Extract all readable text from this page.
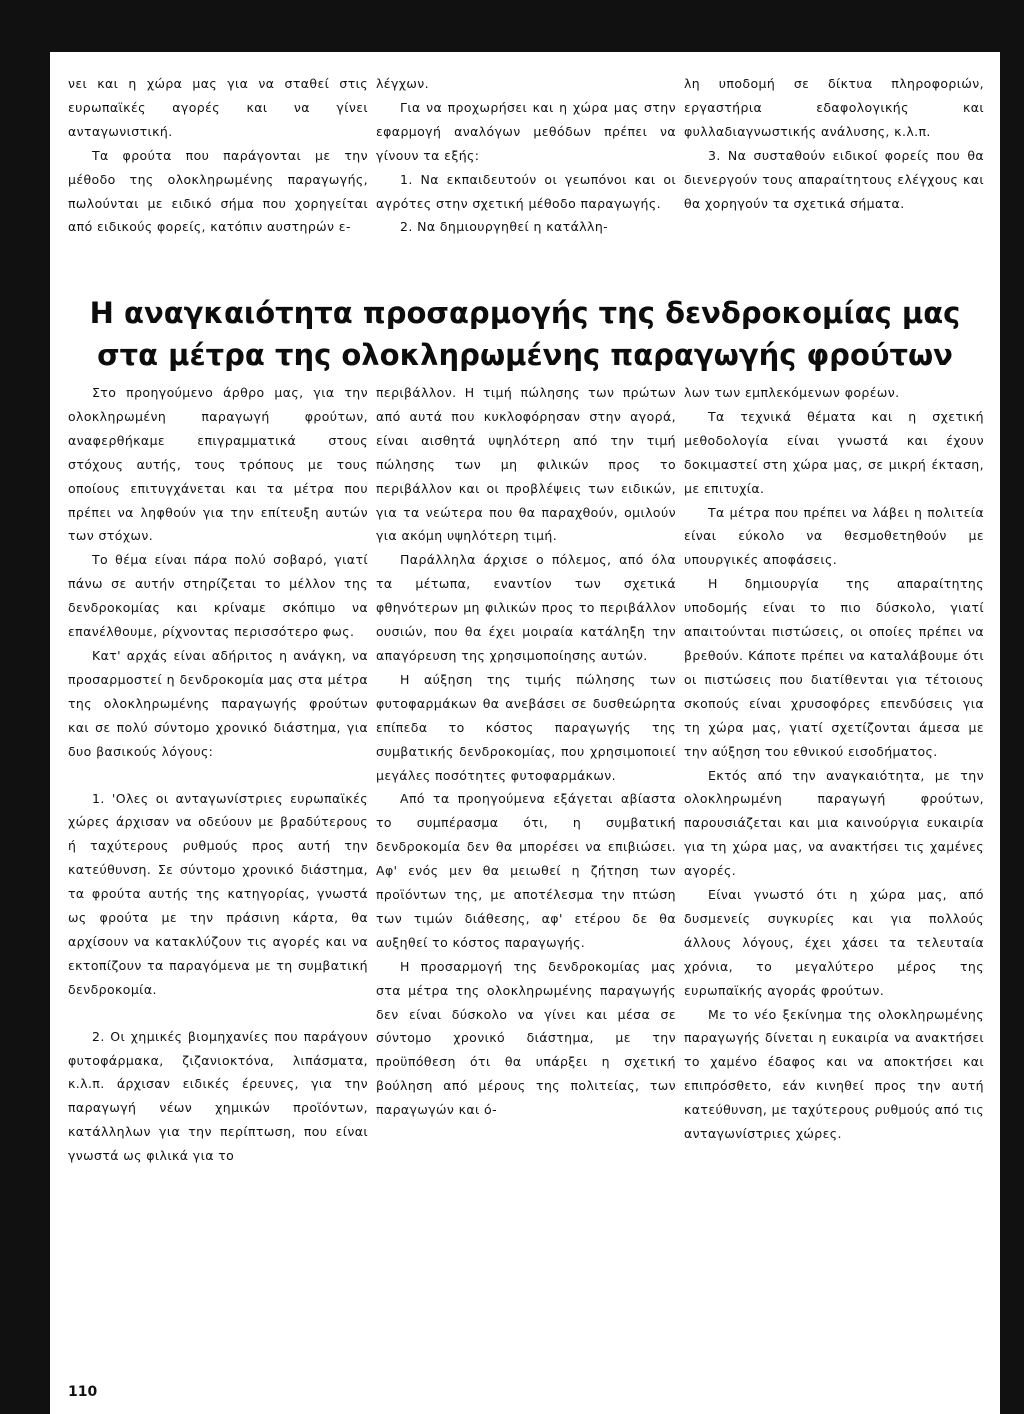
νει και η χώρα μας για να σταθεί στις ευρωπαϊκές αγορές και να γίνει ανταγωνιστική.

Τα φρούτα που παράγονται με την μέθοδο της ολοκληρωμένης παραγωγής, πωλούνται με ειδικό σήμα που χορηγείται από ειδικούς φορείς, κατόπιν αυστηρών ε-

λέγχων.

Για να προχωρήσει και η χώρα μας στην εφαρμογή αναλόγων μεθόδων πρέπει να γίνουν τα εξής:

1. Να εκπαιδευτούν οι γεωπόνοι και οι αγρότες στην σχετική μέθοδο παραγωγής.

2. Να δημιουργηθεί η κατάλλη-

λη υποδομή σε δίκτυα πληροφοριών, εργαστήρια εδαφολογικής και φυλλαδιαγνωστικής ανάλυσης, κ.λ.π.

3. Να συσταθούν ειδικοί φορείς που θα διενεργούν τους απαραίτητους ελέγχους και θα χορηγούν τα σχετικά σήματα.

Η αναγκαιότητα προσαρμογής της δενδροκομίας μας
στα μέτρα της ολοκληρωμένης παραγωγής φρούτων

Στο προηγούμενο άρθρο μας, για την ολοκληρωμένη παραγωγή φρούτων, αναφερθήκαμε επιγραμματικά στους στόχους αυτής, τους τρόπους με τους οποίους επιτυγχάνεται και τα μέτρα που πρέπει να ληφθούν για την επίτευξη αυτών των στόχων.

Το θέμα είναι πάρα πολύ σοβαρό, γιατί πάνω σε αυτήν στηρίζεται το μέλλον της δενδροκομίας και κρίναμε σκόπιμο να επανέλθουμε, ρίχνοντας περισσότερο φως.

Κατ' αρχάς είναι αδήριτος η ανάγκη, να προσαρμοστεί η δενδροκομία μας στα μέτρα της ολοκληρωμένης παραγωγής φρούτων και σε πολύ σύντομο χρονικό διάστημα, για δυο βασικούς λόγους:

1. 'Ολες οι ανταγωνίστριες ευρωπαϊκές χώρες άρχισαν να οδεύουν με βραδύτερους ή ταχύτερους ρυθμούς προς αυτή την κατεύθυνση. Σε σύντομο χρονικό διάστημα, τα φρούτα αυτής της κατηγορίας, γνωστά ως φρούτα με την πράσινη κάρτα, θα αρχίσουν να κατακλύζουν τις αγορές και να εκτοπίζουν τα παραγόμενα με τη συμβατική δενδροκομία.

2. Οι χημικές βιομηχανίες που παράγουν φυτοφάρμακα, ζιζανιοκτόνα, λιπάσματα, κ.λ.π. άρχισαν ειδικές έρευνες, για την παραγωγή νέων χημικών προϊόντων, κατάλληλων για την περίπτωση, που είναι γνωστά ως φιλικά για το

περιβάλλον. Η τιμή πώλησης των πρώτων από αυτά που κυκλοφόρησαν στην αγορά, είναι αισθητά υψηλότερη από την τιμή πώλησης των μη φιλικών προς το περιβάλλον και οι προβλέψεις των ειδικών, για τα νεώτερα που θα παραχθούν, ομιλούν για ακόμη υψηλότερη τιμή.

Παράλληλα άρχισε ο πόλεμος, από όλα τα μέτωπα, εναντίον των σχετικά φθηνότερων μη φιλικών προς το περιβάλλον ουσιών, που θα έχει μοιραία κατάληξη την απαγόρευση της χρησιμοποίησης αυτών.

Η αύξηση της τιμής πώλησης των φυτοφαρμάκων θα ανεβάσει σε δυσθεώρητα επίπεδα το κόστος παραγωγής της συμβατικής δενδροκομίας, που χρησιμοποιεί μεγάλες ποσότητες φυτοφαρμάκων.

Από τα προηγούμενα εξάγεται αβίαστα το συμπέρασμα ότι, η συμβατική δενδροκομία δεν θα μπορέσει να επιβιώσει. Αφ' ενός μεν θα μειωθεί η ζήτηση των προϊόντων της, με αποτέλεσμα την πτώση των τιμών διάθεσης, αφ' ετέρου δε θα αυξηθεί το κόστος παραγωγής.

Η προσαρμογή της δενδροκομίας μας στα μέτρα της ολοκληρωμένης παραγωγής δεν είναι δύσκολο να γίνει και μέσα σε σύντομο χρονικό διάστημα, με την προϋπόθεση ότι θα υπάρξει η σχετική βούληση από μέρους της πολιτείας, των παραγωγών και ό-

λων των εμπλεκόμενων φορέων.

Τα τεχνικά θέματα και η σχετική μεθοδολογία είναι γνωστά και έχουν δοκιμαστεί στη χώρα μας, σε μικρή έκταση, με επιτυχία.

Τα μέτρα που πρέπει να λάβει η πολιτεία είναι εύκολο να θεσμοθετηθούν με υπουργικές αποφάσεις.

Η δημιουργία της απαραίτητης υποδομής είναι το πιο δύσκολο, γιατί απαιτούνται πιστώσεις, οι οποίες πρέπει να βρεθούν. Κάποτε πρέπει να καταλάβουμε ότι οι πιστώσεις που διατίθενται για τέτοιους σκοπούς είναι χρυσοφόρες επενδύσεις για τη χώρα μας, γιατί σχετίζονται άμεσα με την αύξηση του εθνικού εισοδήματος.

Εκτός από την αναγκαιότητα, με την ολοκληρωμένη παραγωγή φρούτων, παρουσιάζεται και μια καινούργια ευκαιρία για τη χώρα μας, να ανακτήσει τις χαμένες αγορές.

Είναι γνωστό ότι η χώρα μας, από δυσμενείς συγκυρίες και για πολλούς άλλους λόγους, έχει χάσει τα τελευταία χρόνια, το μεγαλύτερο μέρος της ευρωπαϊκής αγοράς φρούτων.

Με το νέο ξεκίνημα της ολοκληρωμένης παραγωγής δίνεται η ευκαιρία να ανακτήσει το χαμένο έδαφος και να αποκτήσει και επιπρόσθετο, εάν κινηθεί προς την αυτή κατεύθυνση, με ταχύτερους ρυθμούς από τις ανταγωνίστριες χώρες.

110
